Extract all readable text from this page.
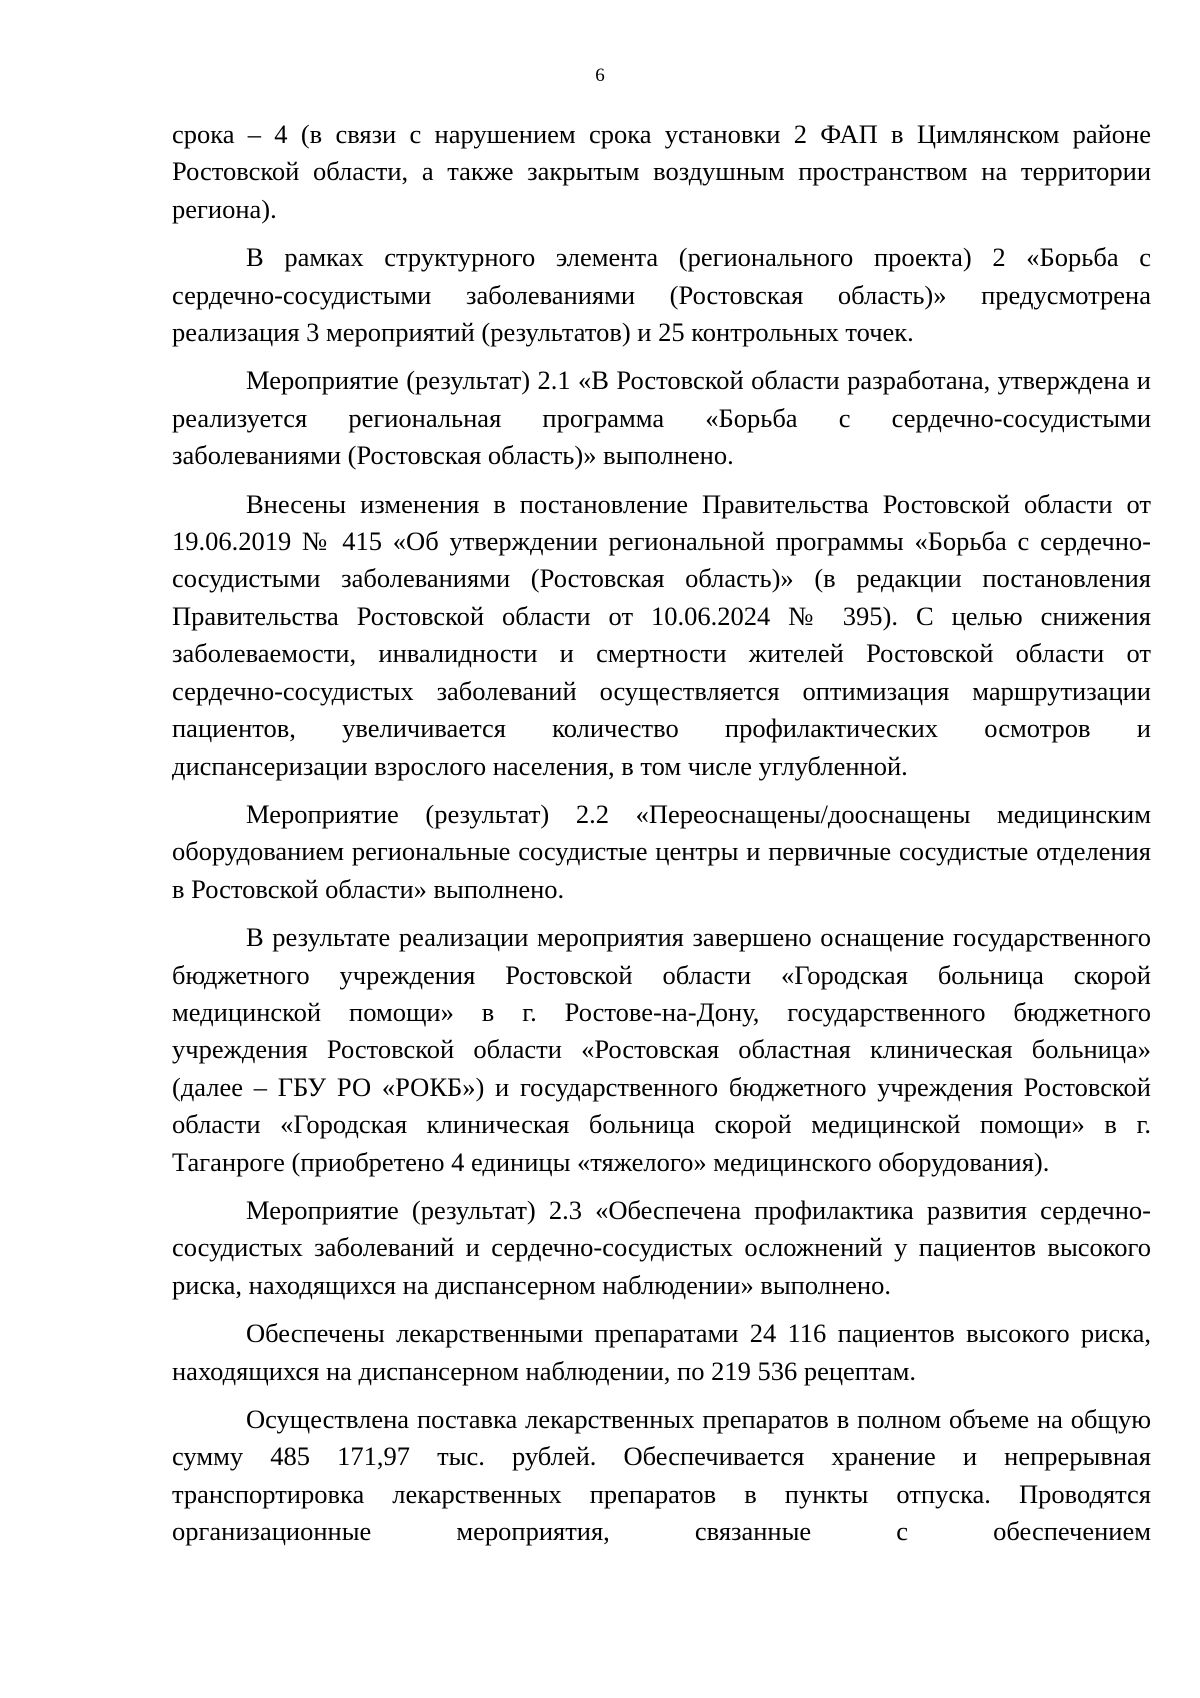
6

срока – 4 (в связи с нарушением срока установки 2 ФАП в Цимлянском районе Ростовской области, а также закрытым воздушным пространством на территории региона).

В рамках структурного элемента (регионального проекта) 2 «Борьба с сердечно-сосудистыми заболеваниями (Ростовская область)» предусмотрена реализация 3 мероприятий (результатов) и 25 контрольных точек.

Мероприятие (результат) 2.1 «В Ростовской области разработана, утверждена и реализуется региональная программа «Борьба с сердечно-сосудистыми заболеваниями (Ростовская область)» выполнено.

Внесены изменения в постановление Правительства Ростовской области от 19.06.2019 № 415 «Об утверждении региональной программы «Борьба с сердечно-сосудистыми заболеваниями (Ростовская область)» (в редакции постановления Правительства Ростовской области от 10.06.2024 № 395). С целью снижения заболеваемости, инвалидности и смертности жителей Ростовской области от сердечно-сосудистых заболеваний осуществляется оптимизация маршрутизации пациентов, увеличивается количество профилактических осмотров и диспансеризации взрослого населения, в том числе углубленной.

Мероприятие (результат) 2.2 «Переоснащены/дооснащены медицинским оборудованием региональные сосудистые центры и первичные сосудистые отделения в Ростовской области» выполнено.

В результате реализации мероприятия завершено оснащение государственного бюджетного учреждения Ростовской области «Городская больница скорой медицинской помощи» в г. Ростове-на-Дону, государственного бюджетного учреждения Ростовской области «Ростовская областная клиническая больница» (далее – ГБУ РО «РОКБ») и государственного бюджетного учреждения Ростовской области «Городская клиническая больница скорой медицинской помощи» в г. Таганроге (приобретено 4 единицы «тяжелого» медицинского оборудования).

Мероприятие (результат) 2.3 «Обеспечена профилактика развития сердечно-сосудистых заболеваний и сердечно-сосудистых осложнений у пациентов высокого риска, находящихся на диспансерном наблюдении» выполнено.

Обеспечены лекарственными препаратами 24 116 пациентов высокого риска, находящихся на диспансерном наблюдении, по 219 536 рецептам.

Осуществлена поставка лекарственных препаратов в полном объеме на общую сумму 485 171,97 тыс. рублей. Обеспечивается хранение и непрерывная транспортировка лекарственных препаратов в пункты отпуска. Проводятся организационные мероприятия, связанные с обеспечением
